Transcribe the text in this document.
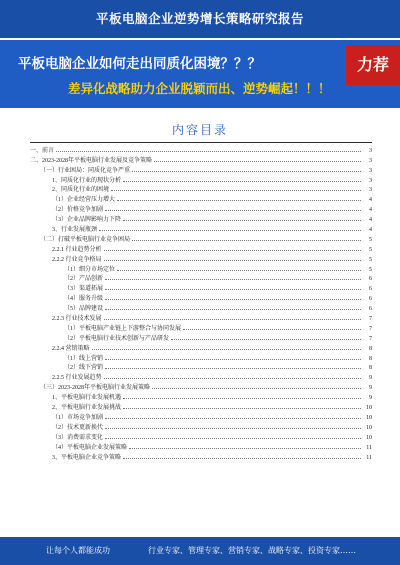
平板电脑企业逆势增长策略研究报告
平板电脑企业如何走出同质化困境？？？
差异化战略助力企业脱颖而出、逆势崛起！！！
力荐
内容目录
一、前言	3
二、2023-2028年平板电脑行业发展及竞争策略	3
（一）行业困局：同质化竞争严重	3
1、同质化行业的现状分析	3
2、同质化行业的困境	3
（1）企业经营压力增大	4
（2）价格竞争加剧	4
（3）企业品牌影响力下降	4
3、行业发展瓶颈	4
（二）打破平板电脑行业竞争困局	5
2.2.1 行业趋势分析	5
2.2.2 行业竞争格局	5
（1）细分市场定位	5
（2）产品创新	6
（3）渠道拓展	6
（4）服务升级	6
（5）品牌建设	6
2.2.3 行业技术发展	7
（1）平板电脑产业链上下游整合与协同发展	7
（2）平板电脑行业技术创新与产品研发	7
2.2.4 营销策略	8
（1）线上营销	8
（2）线下营销	8
2.2.5 行业发展趋势	9
（三）2023-2028年平板电脑行业发展策略	9
1、平板电脑行业发展机遇	9
2、平板电脑行业发展挑战	10
（1）市场竞争加剧	10
（2）技术更新换代	10
（3）消费需求变化	10
（4）平板电脑企业发展策略	11
3、平板电脑企业竞争策略	11
让每个人都能成功	行业专家、管理专家、营销专家、战略专家、投资专家……
